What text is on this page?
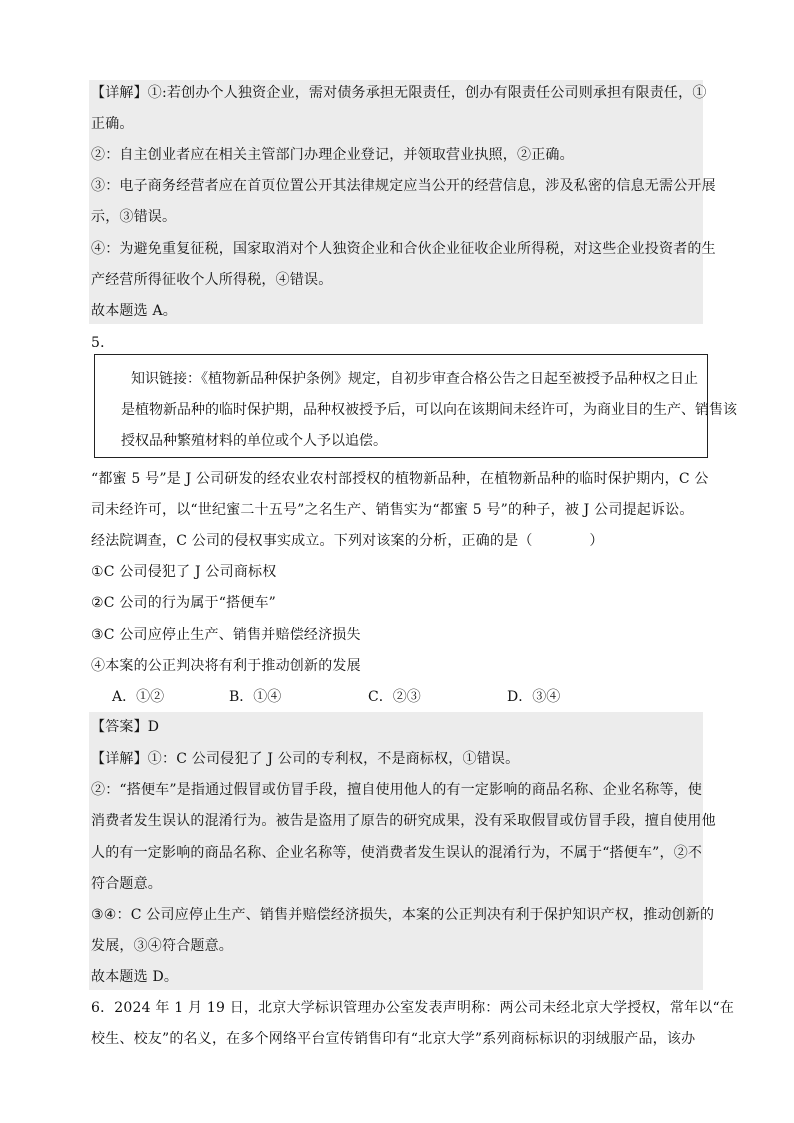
【详解】①:若创办个人独资企业，需对债务承担无限责任，创办有限责任公司则承担有限责任，①
正确。
②：自主创业者应在相关主管部门办理企业登记，并领取营业执照，②正确。
③：电子商务经营者应在首页位置公开其法律规定应当公开的经营信息，涉及私密的信息无需公开展
示，③错误。
④：为避免重复征税，国家取消对个人独资企业和合伙企业征收企业所得税，对这些企业投资者的生
产经营所得征收个人所得税，④错误。
故本题选 A。
5．
知识链接：《植物新品种保护条例》规定，自初步审查合格公告之日起至被授予品种权之日止
是植物新品种的临时保护期，品种权被授予后，可以向在该期间未经许可，为商业目的生产、销售该
授权品种繁殖材料的单位或个人予以追偿。
“都蜜 5 号”是 J 公司研发的经农业农村部授权的植物新品种，在植物新品种的临时保护期内，C 公
司未经许可，以“世纪蜜二十五号”之名生产、销售实为“都蜜 5 号”的种子，被 J 公司提起诉讼。
经法院调查，C 公司的侵权事实成立。下列对该案的分析，正确的是（　　　　）
①C 公司侵犯了 J 公司商标权
②C 公司的行为属于“搭便车”
③C 公司应停止生产、销售并赔偿经济损失
④本案的公正判决将有利于推动创新的发展
A．①②	B．①④	C．②③	D．③④
【答案】D
【详解】①：C 公司侵犯了 J 公司的专利权，不是商标权，①错误。
②：“搭便车”是指通过假冒或仿冒手段，擅自使用他人的有一定影响的商品名称、企业名称等，使
消费者发生误认的混淆行为。被告是盗用了原告的研究成果，没有采取假冒或仿冒手段，擅自使用他
人的有一定影响的商品名称、企业名称等，使消费者发生误认的混淆行为，不属于“搭便车”，②不
符合题意。
③④：C 公司应停止生产、销售并赔偿经济损失，本案的公正判决有利于保护知识产权，推动创新的
发展，③④符合题意。
故本题选 D。
6．2024 年 1 月 19 日，北京大学标识管理办公室发表声明称：两公司未经北京大学授权，常年以“在
校生、校友”的名义，在多个网络平台宣传销售印有“北京大学”系列商标标识的羽绒服产品，该办
